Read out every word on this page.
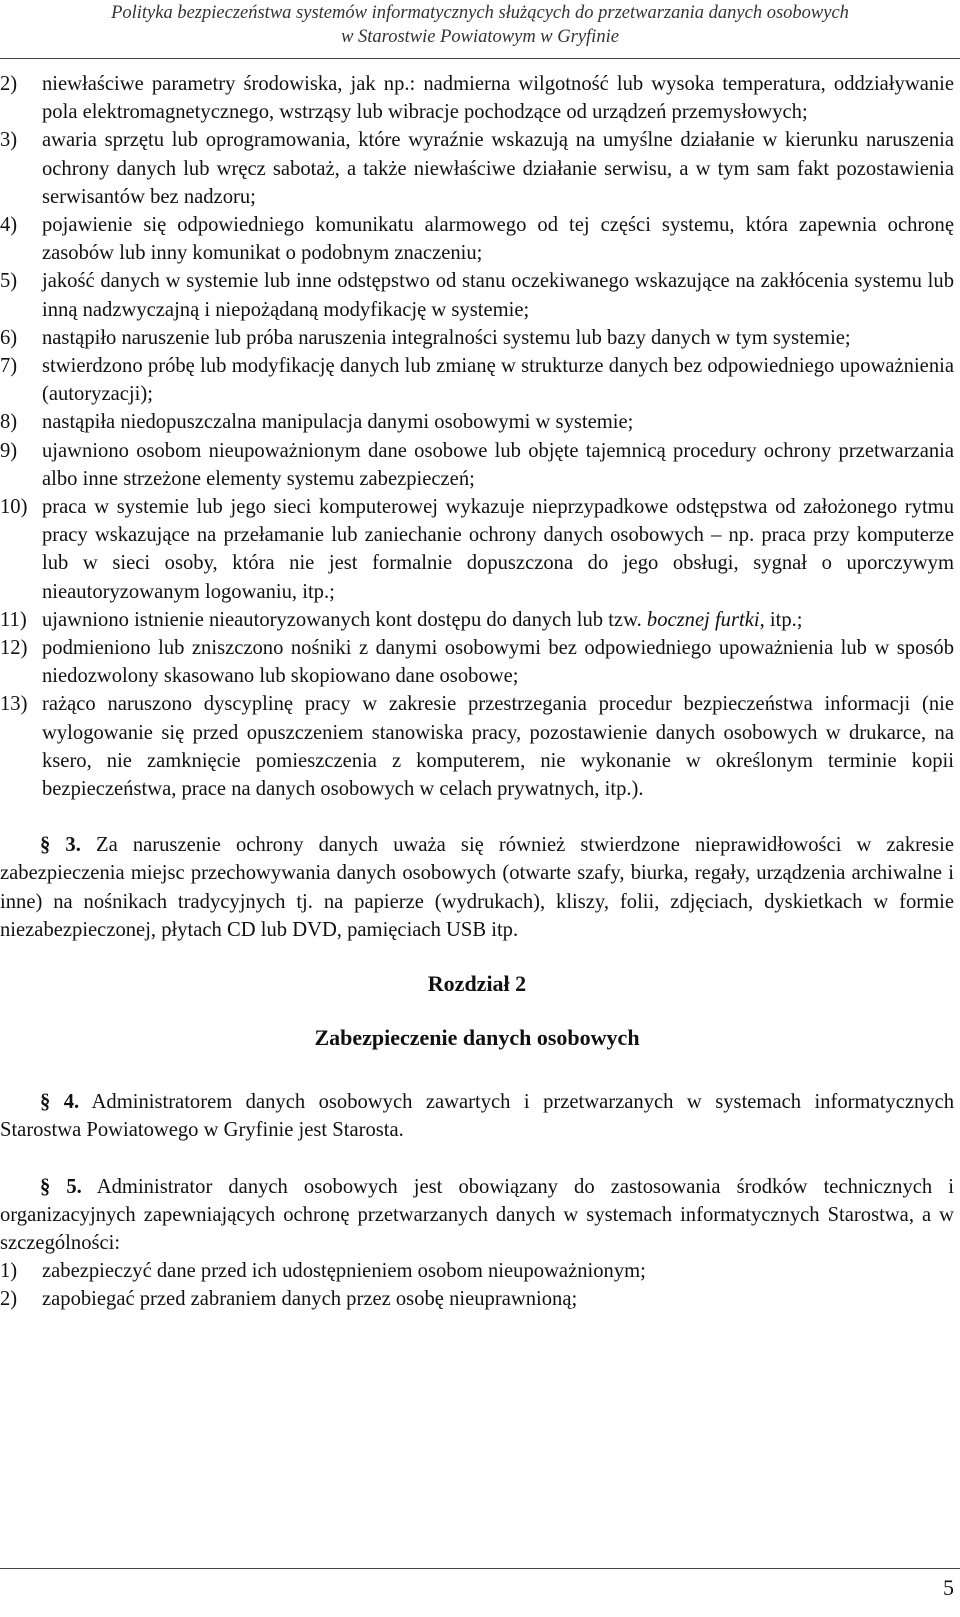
Polityka bezpieczeństwa systemów informatycznych służących do przetwarzania danych osobowych
w Starostwie Powiatowym w Gryfinie
2)	niewłaściwe parametry środowiska, jak np.: nadmierna wilgotność lub wysoka temperatura, oddziaływanie pola elektromagnetycznego, wstrząsy lub wibracje pochodzące od urządzeń przemysłowych;
3)	awaria sprzętu lub oprogramowania, które wyraźnie wskazują na umyślne działanie w kierunku naruszenia ochrony danych lub wręcz sabotaż, a także niewłaściwe działanie serwisu, a w tym sam fakt pozostawienia serwisantów bez nadzoru;
4)	pojawienie się odpowiedniego komunikatu alarmowego od tej części systemu, która zapewnia ochronę zasobów lub inny komunikat o podobnym znaczeniu;
5)	jakość danych w systemie lub inne odstępstwo od stanu oczekiwanego wskazujące na zakłócenia systemu lub inną nadzwyczajną i niepożądaną modyfikację w systemie;
6)	nastąpiło naruszenie lub próba naruszenia integralności systemu lub bazy danych w tym systemie;
7)	stwierdzono próbę lub modyfikację danych lub zmianę w strukturze danych bez odpowiedniego upoważnienia (autoryzacji);
8)	nastąpiła niedopuszczalna manipulacja danymi osobowymi w systemie;
9)	ujawniono osobom nieupoważnionym dane osobowe lub objęte tajemnicą procedury ochrony przetwarzania albo inne strzeżone elementy systemu zabezpieczeń;
10) praca w systemie lub jego sieci komputerowej wykazuje nieprzypadkowe odstępstwa od założonego rytmu pracy wskazujące na przełamanie lub zaniechanie ochrony danych osobowych – np. praca przy komputerze lub w sieci osoby, która nie jest formalnie dopuszczona do jego obsługi, sygnał o uporczywym nieautoryzowanym logowaniu, itp.;
11) ujawniono istnienie nieautoryzowanych kont dostępu do danych lub tzw. bocznej furtki, itp.;
12) podmieniono lub zniszczono nośniki z danymi osobowymi bez odpowiedniego upoważnienia lub w sposób niedozwolony skasowano lub skopiowano dane osobowe;
13) rażąco naruszono dyscyplinę pracy w zakresie przestrzegania procedur bezpieczeństwa informacji (nie wylogowanie się przed opuszczeniem stanowiska pracy, pozostawienie danych osobowych w drukarce, na ksero, nie zamknięcie pomieszczenia z komputerem, nie wykonanie w określonym terminie kopii bezpieczeństwa, prace na danych osobowych w celach prywatnych, itp.).
§ 3. Za naruszenie ochrony danych uważa się również stwierdzone nieprawidłowości w zakresie zabezpieczenia miejsc przechowywania danych osobowych (otwarte szafy, biurka, regały, urządzenia archiwalne i inne) na nośnikach tradycyjnych tj. na papierze (wydrukach), kliszy, folii, zdjęciach, dyskietkach w formie niezabezpieczonej, płytach CD lub DVD, pamięciach USB itp.
Rozdział 2
Zabezpieczenie danych osobowych
§ 4. Administratorem danych osobowych zawartych i przetwarzanych w systemach informatycznych Starostwa Powiatowego w Gryfinie jest Starosta.
§ 5. Administrator danych osobowych jest obowiązany do zastosowania środków technicznych i organizacyjnych zapewniających ochronę przetwarzanych danych w systemach informatycznych Starostwa, a w szczególności:
1)	zabezpieczyć dane przed ich udostępnieniem osobom nieupoważnionym;
2)	zapobiegać przed zabraniem danych przez osobę nieuprawnioną;
5
